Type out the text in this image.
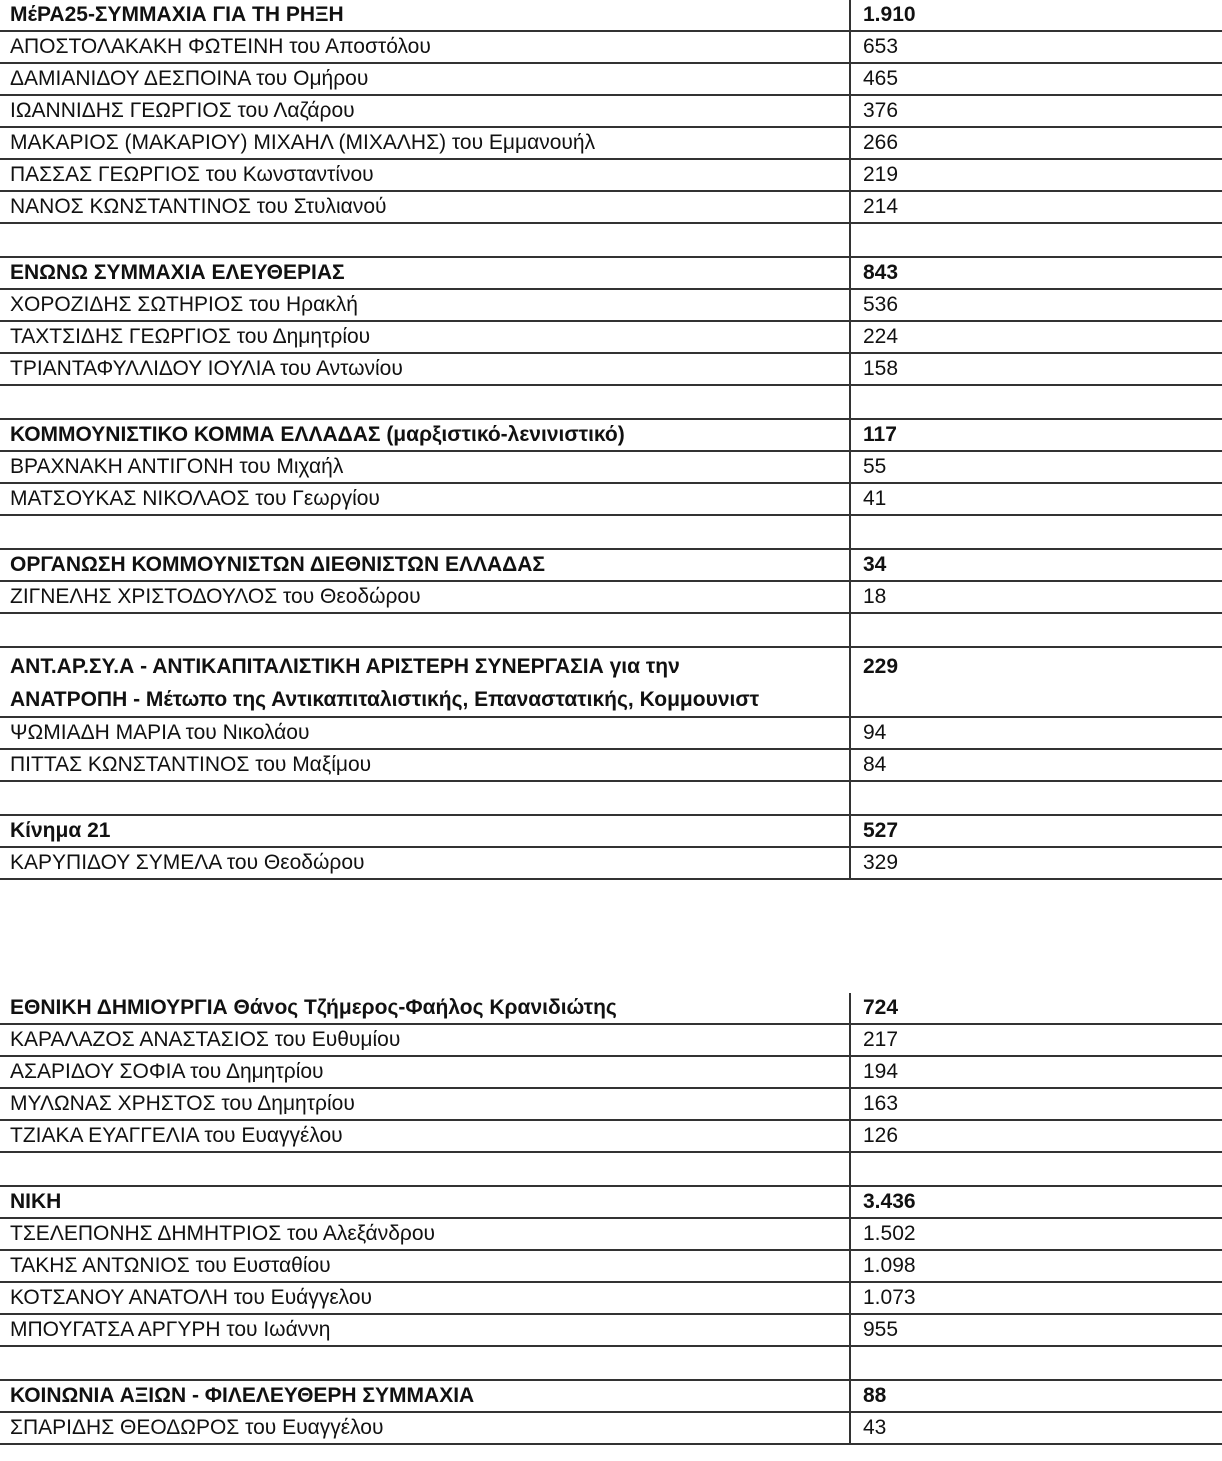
ΜέΡΑ25-ΣΥΜΜΑΧΙΑ ΓΙΑ ΤΗ ΡΗΞΗ	1.910
ΑΠΟΣΤΟΛΑΚΑΚΗ ΦΩΤΕΙΝΗ του Αποστόλου	653
ΔΑΜΙΑΝΙΔΟΥ ΔΕΣΠΟΙΝΑ του Ομήρου	465
ΙΩΑΝΝΙΔΗΣ ΓΕΩΡΓΙΟΣ του Λαζάρου	376
ΜΑΚΑΡΙΟΣ (ΜΑΚΑΡΙΟΥ) ΜΙΧΑΗΛ (ΜΙΧΑΛΗΣ) του Εμμανουήλ	266
ΠΑΣΣΑΣ ΓΕΩΡΓΙΟΣ του Κωνσταντίνου	219
ΝΑΝΟΣ ΚΩΝΣΤΑΝΤΙΝΟΣ του Στυλιανού	214

ΕΝΩΝΩ ΣΥΜΜΑΧΙΑ ΕΛΕΥΘΕΡΙΑΣ	843
ΧΟΡΟΖΙΔΗΣ ΣΩΤΗΡΙΟΣ του Ηρακλή	536
ΤΑΧΤΣΙΔΗΣ ΓΕΩΡΓΙΟΣ του Δημητρίου	224
ΤΡΙΑΝΤΑΦΥΛΛΙΔΟΥ ΙΟΥΛΙΑ του Αντωνίου	158

ΚΟΜΜΟΥΝΙΣΤΙΚΟ ΚΟΜΜΑ ΕΛΛΑΔΑΣ (μαρξιστικό-λενινιστικό)	117
ΒΡΑΧΝΑΚΗ ΑΝΤΙΓΟΝΗ του Μιχαήλ	55
ΜΑΤΣΟΥΚΑΣ ΝΙΚΟΛΑΟΣ του Γεωργίου	41

ΟΡΓΑΝΩΣΗ ΚΟΜΜΟΥΝΙΣΤΩΝ ΔΙΕΘΝΙΣΤΩΝ ΕΛΛΑΔΑΣ	34
ΖΙΓΝΕΛΗΣ ΧΡΙΣΤΟΔΟΥΛΟΣ του Θεοδώρου	18

ΑΝΤ.ΑΡ.ΣΥ.Α - ΑΝΤΙΚΑΠΙΤΑΛΙΣΤΙΚΗ ΑΡΙΣΤΕΡΗ ΣΥΝΕΡΓΑΣΙΑ για την
ΑΝΑΤΡΟΠΗ - Μέτωπο της Αντικαπιταλιστικής, Επαναστατικής, Κομμουνιστ	229
ΨΩΜΙΑΔΗ ΜΑΡΙΑ του Νικολάου	94
ΠΙΤΤΑΣ ΚΩΝΣΤΑΝΤΙΝΟΣ του Μαξίμου	84

Κίνημα 21	527
ΚΑΡΥΠΙΔΟΥ ΣΥΜΕΛΑ του Θεοδώρου	329
ΕΘΝΙΚΗ ΔΗΜΙΟΥΡΓΙΑ Θάνος Τζήμερος-Φαήλος Κρανιδιώτης	724
ΚΑΡΑΛΑΖΟΣ ΑΝΑΣΤΑΣΙΟΣ του Ευθυμίου	217
ΑΣΑΡΙΔΟΥ ΣΟΦΙΑ του Δημητρίου	194
ΜΥΛΩΝΑΣ ΧΡΗΣΤΟΣ του Δημητρίου	163
ΤΖΙΑΚΑ ΕΥΑΓΓΕΛΙΑ του Ευαγγέλου	126

ΝΙΚΗ	3.436
ΤΣΕΛΕΠΟΝΗΣ ΔΗΜΗΤΡΙΟΣ του Αλεξάνδρου	1.502
ΤΑΚΗΣ ΑΝΤΩΝΙΟΣ του Ευσταθίου	1.098
ΚΟΤΣΑΝΟΥ ΑΝΑΤΟΛΗ του Ευάγγελου	1.073
ΜΠΟΥΓΑΤΣΑ ΑΡΓΥΡΗ του Ιωάννη	955

ΚΟΙΝΩΝΙΑ ΑΞΙΩΝ - ΦΙΛΕΛΕΥΘΕΡΗ ΣΥΜΜΑΧΙΑ	88
ΣΠΑΡΙΔΗΣ ΘΕΟΔΩΡΟΣ του Ευαγγέλου	43
